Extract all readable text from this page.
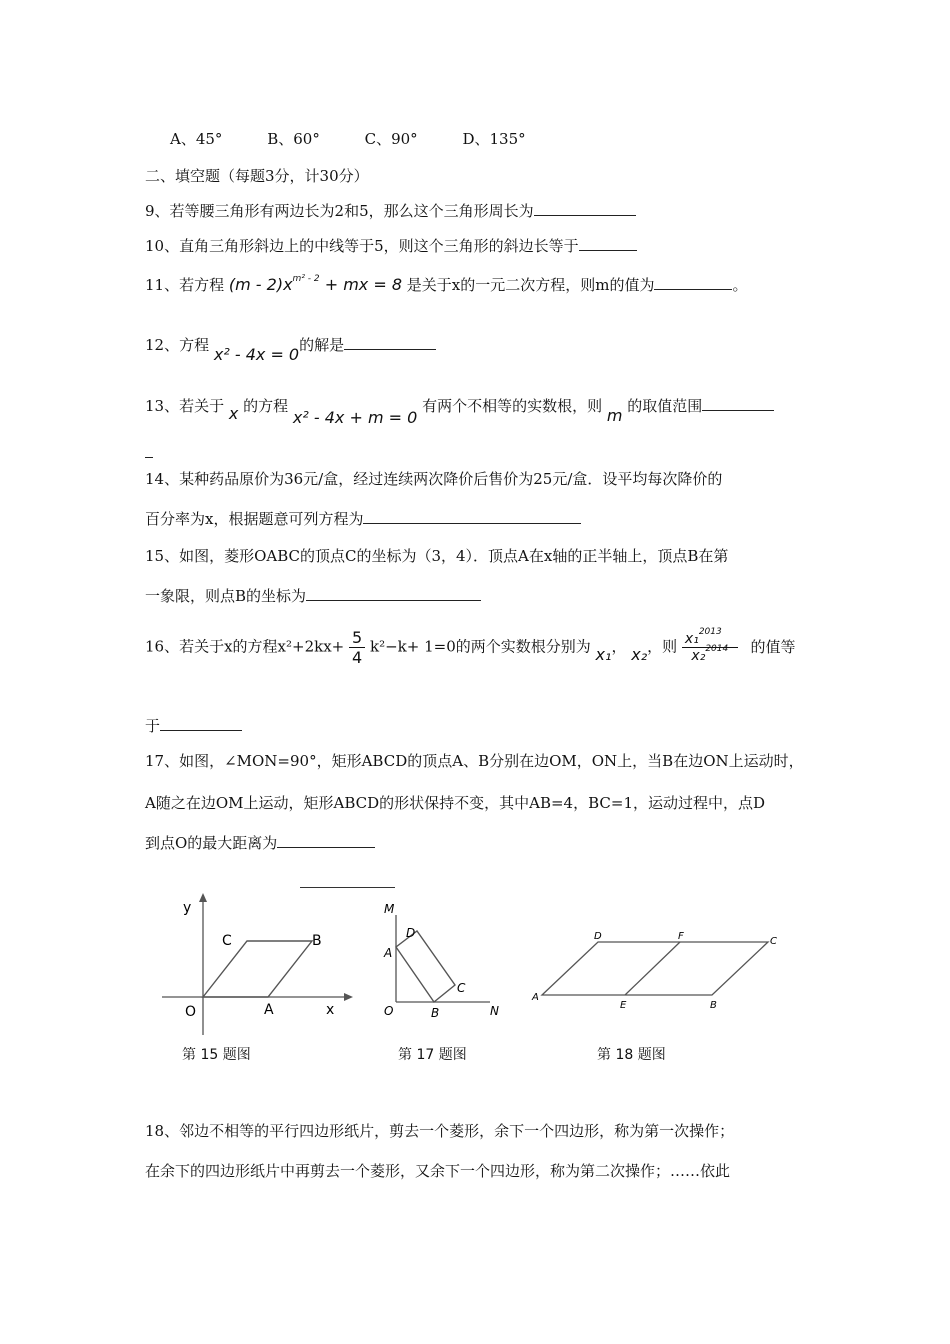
A、45°	B、60°	C、90°	D、135°
二、填空题（每题3分，计30分）
9、若等腰三角形有两边长为2和5，那么这个三角形周长为
10、直角三角形斜边上的中线等于5，则这个三角形的斜边长等于
11、若方程 $(m - 2)x^{m^2 - 2}$ + mx = 8 是关于x的一元二次方程，则m的值为	。
12、方程 x² - 4x = 0的解是
13、若关于 x 的方程 x² - 4x + m = 0 有两个不相等的实数根，则 m 的取值范围
14、某种药品原价为36元/盒，经过连续两次降价后售价为25元/盒．设平均每次降价的
百分率为x，根据题意可列方程为
15、如图，菱形OABC的顶点C的坐标为（3，4）．顶点A在x轴的正半轴上，顶点B在第
一象限，则点B的坐标为
16、若关于x的方程$x^2+2kx+ \frac{5}{4} k^2-k+ 1=0$的两个实数根分别为 x₁， x₂，则 $\frac{x_1^{2013}}{x_2^{2014}}$ 的值等
于
17、如图，∠MON=90°，矩形ABCD的顶点A、B分别在边OM，ON上，当B在边ON上运动时，
A随之在边OM上运动，矩形ABCD的形状保持不变，其中AB=4，BC=1，运动过程中，点D
到点O的最大距离为
y
C	B
O	A	x
第 15 题图
M
D
A
C
O	B	N
第 17 题图
D	F	C
A
E	B
第 18 题图
18、邻边不相等的平行四边形纸片，剪去一个菱形，余下一个四边形，称为第一次操作；
在余下的四边形纸片中再剪去一个菱形，又余下一个四边形，称为第二次操作；……依此
